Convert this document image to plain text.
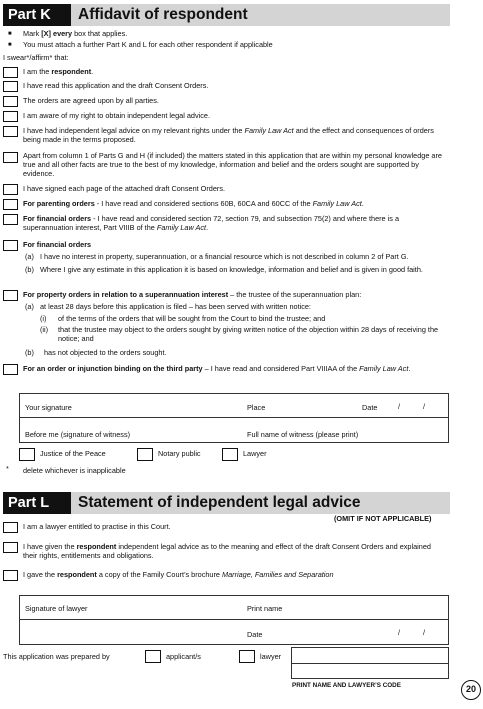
Part K	Affidavit of respondent
■ Mark [X] every box that applies.
■ You must attach a further Part K and L for each other respondent if applicable
I swear*/affirm* that:
I am the respondent.
I have read this application and the draft Consent Orders.
The orders are agreed upon by all parties.
I am aware of my right to obtain independent legal advice.
I have had independent legal advice on my relevant rights under the Family Law Act and the effect and consequences of orders being made in the terms proposed.
Apart from column 1 of Parts G and H (if included) the matters stated in this application that are within my personal knowledge are true and all other facts are true to the best of my knowledge, information and belief and the orders sought are supported by evidence.
I have signed each page of the attached draft Consent Orders.
For parenting orders - I have read and considered sections 60B, 60CA and 60CC of the Family Law Act.
For financial orders - I have read and considered section 72, section 79, and subsection 75(2) and where there is a superannuation interest, Part VIIIB of the Family Law Act.
For financial orders
(a) I have no interest in property, superannuation, or a financial resource which is not described in column 2 of Part G.
(b) Where I give any estimate in this application it is based on knowledge, information and belief and is given in good faith.
For property orders in relation to a superannuation interest – the trustee of the superannuation plan:
(a) at least 28 days before this application is filed – has been served with written notice:
(i) of the terms of the orders that will be sought from the Court to bind the trustee; and
(ii) that the trustee may object to the orders sought by giving written notice of the objection within 28 days of receiving the notice; and
(b) has not objected to the orders sought.
For an order or injunction binding on the third party – I have read and considered Part VIIIAA of the Family Law Act.
Your signature	Place	Date	/	/
Before me (signature of witness)	Full name of witness (please print)
Justice of the Peace	Notary public	Lawyer
* delete whichever is inapplicable
Part L	Statement of independent legal advice
(OMIT IF NOT APPLICABLE)
I am a lawyer entitled to practise in this Court.
I have given the respondent independent legal advice as to the meaning and effect of the draft Consent Orders and explained their rights, entitlements and obligations.
I gave the respondent a copy of the Family Court’s brochure Marriage, Families and Separation
Signature of lawyer	Print name
Date	/	/
This application was prepared by	applicant/s	lawyer
PRINT NAME AND LAWYER’S CODE	20
